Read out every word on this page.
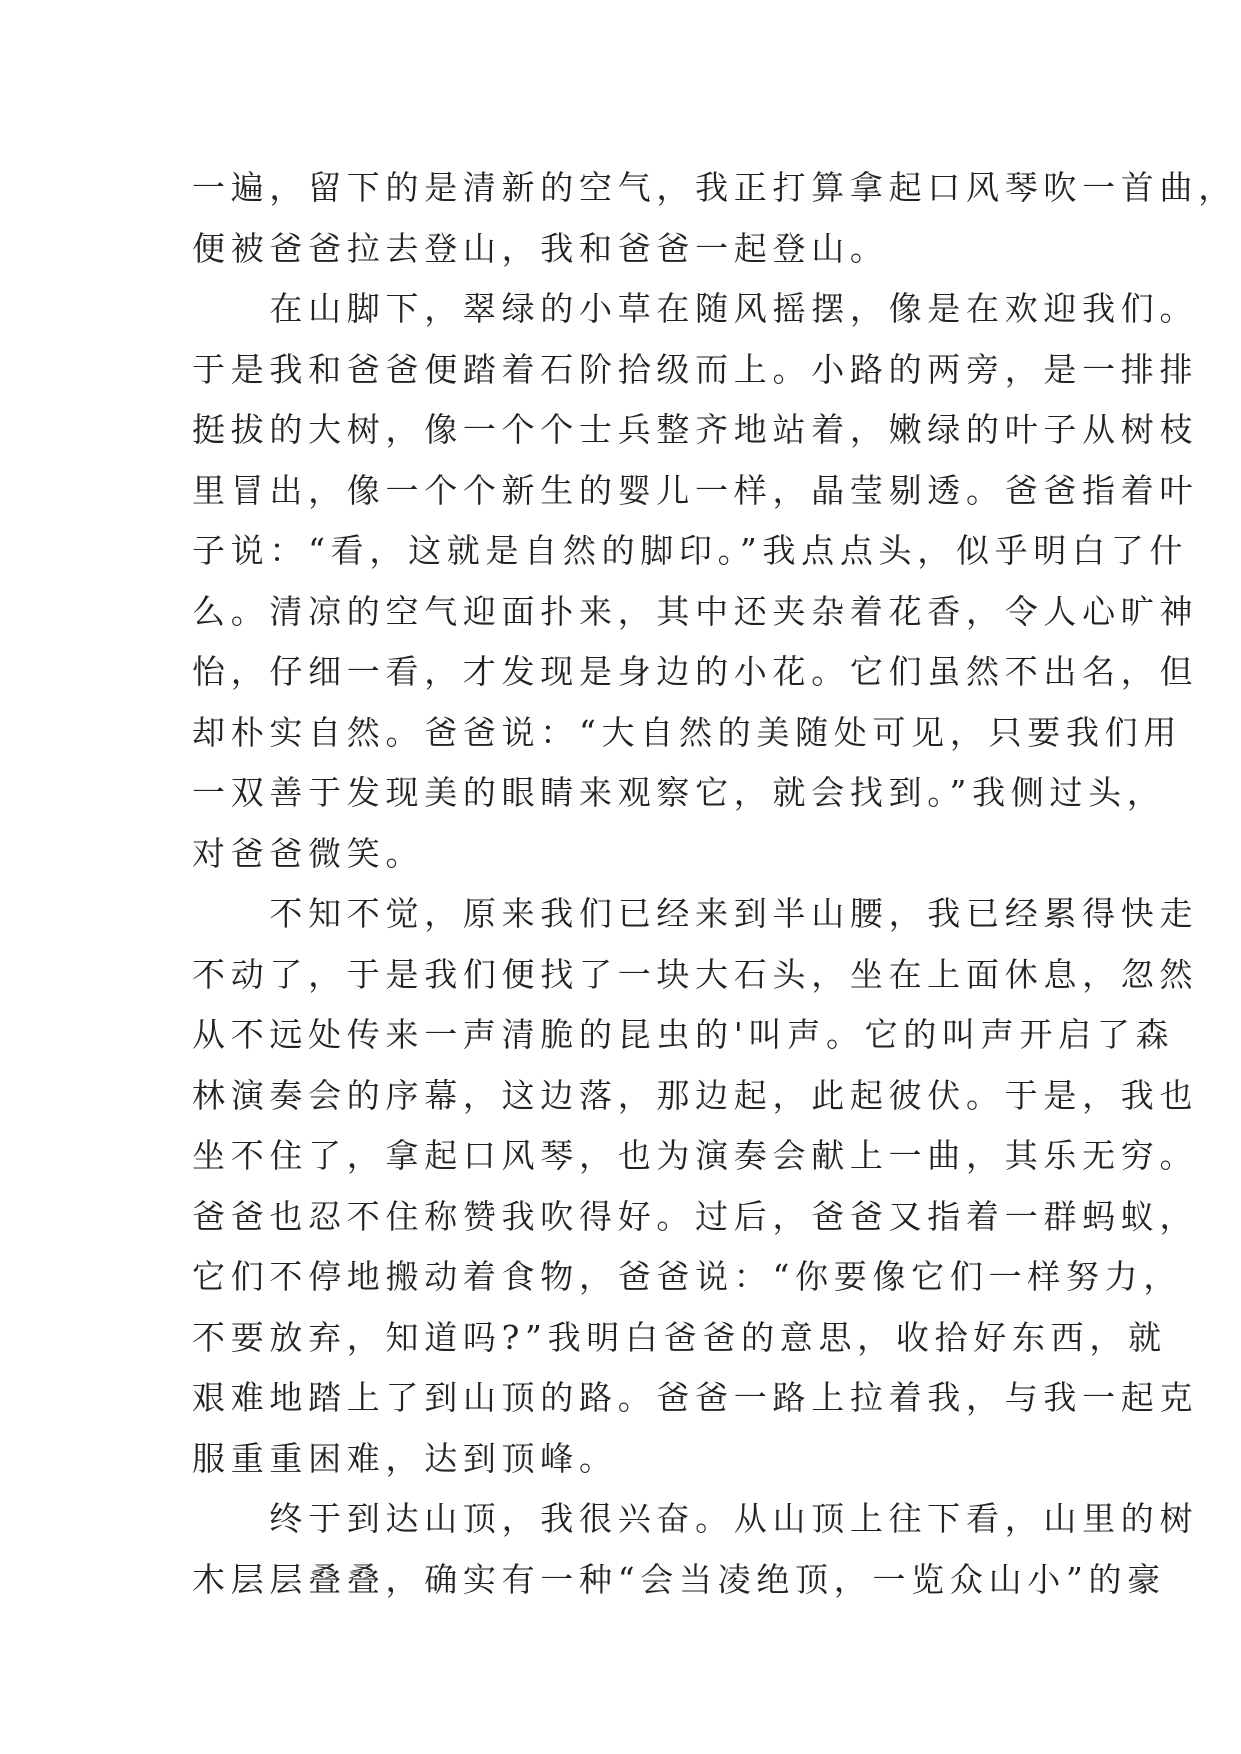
一遍，留下的是清新的空气，我正打算拿起口风琴吹一首曲，
便被爸爸拉去登山，我和爸爸一起登山。
　　在山脚下，翠绿的小草在随风摇摆，像是在欢迎我们。
于是我和爸爸便踏着石阶拾级而上。小路的两旁，是一排排
挺拔的大树，像一个个士兵整齐地站着，嫩绿的叶子从树枝
里冒出，像一个个新生的婴儿一样，晶莹剔透。爸爸指着叶
子说：“看，这就是自然的脚印。”我点点头，似乎明白了什
么。清凉的空气迎面扑来，其中还夹杂着花香，令人心旷神
怡，仔细一看，才发现是身边的小花。它们虽然不出名，但
却朴实自然。爸爸说：“大自然的美随处可见，只要我们用
一双善于发现美的眼睛来观察它，就会找到。”我侧过头，
对爸爸微笑。
　　不知不觉，原来我们已经来到半山腰，我已经累得快走
不动了，于是我们便找了一块大石头，坐在上面休息，忽然
从不远处传来一声清脆的昆虫的'叫声。它的叫声开启了森
林演奏会的序幕，这边落，那边起，此起彼伏。于是，我也
坐不住了，拿起口风琴，也为演奏会献上一曲，其乐无穷。
爸爸也忍不住称赞我吹得好。过后，爸爸又指着一群蚂蚁，
它们不停地搬动着食物，爸爸说：“你要像它们一样努力，
不要放弃，知道吗?”我明白爸爸的意思，收拾好东西，就
艰难地踏上了到山顶的路。爸爸一路上拉着我，与我一起克
服重重困难，达到顶峰。
　　终于到达山顶，我很兴奋。从山顶上往下看，山里的树
木层层叠叠，确实有一种“会当凌绝顶，一览众山小”的豪
